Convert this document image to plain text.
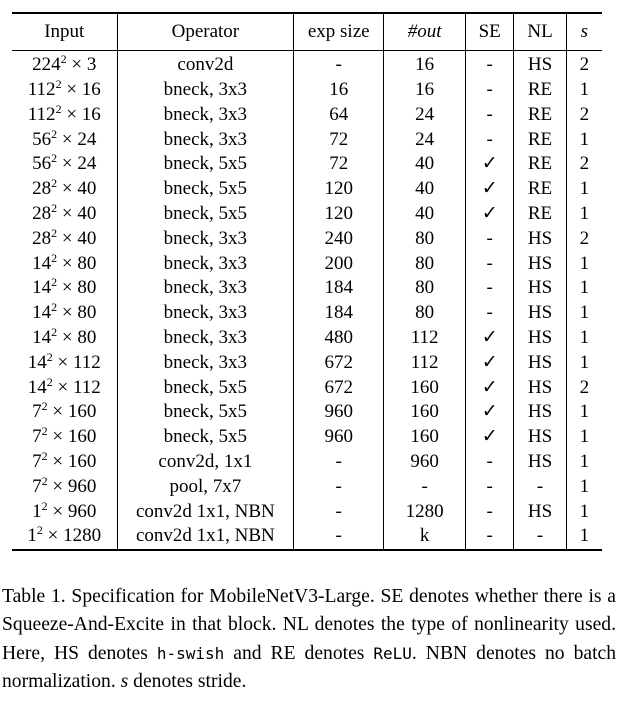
Input	Operator	exp size	#out	SE	NL	s
$224^2 \times 3$	conv2d	-	16	-	HS	2
$112^2 \times 16$	bneck, 3x3	16	16	-	RE	1
$112^2 \times 16$	bneck, 3x3	64	24	-	RE	2
$56^2 \times 24$	bneck, 3x3	72	24	-	RE	1
$56^2 \times 24$	bneck, 5x5	72	40	✓	RE	2
$28^2 \times 40$	bneck, 5x5	120	40	✓	RE	1
$28^2 \times 40$	bneck, 5x5	120	40	✓	RE	1
$28^2 \times 40$	bneck, 3x3	240	80	-	HS	2
$14^2 \times 80$	bneck, 3x3	200	80	-	HS	1
$14^2 \times 80$	bneck, 3x3	184	80	-	HS	1
$14^2 \times 80$	bneck, 3x3	184	80	-	HS	1
$14^2 \times 80$	bneck, 3x3	480	112	✓	HS	1
$14^2 \times 112$	bneck, 3x3	672	112	✓	HS	1
$14^2 \times 112$	bneck, 5x5	672	160	✓	HS	2
$7^2 \times 160$	bneck, 5x5	960	160	✓	HS	1
$7^2 \times 160$	bneck, 5x5	960	160	✓	HS	1
$7^2 \times 160$	conv2d, 1x1	-	960	-	HS	1
$7^2 \times 960$	pool, 7x7	-	-	-	-	1
$1^2 \times 960$	conv2d 1x1, NBN	-	1280	-	HS	1
$1^2 \times 1280$	conv2d 1x1, NBN	-	k	-	-	1

Table 1. Specification for MobileNetV3-Large. SE denotes whether there is a Squeeze-And-Excite in that block. NL denotes the type of nonlinearity used. Here, HS denotes h-swish and RE denotes ReLU. NBN denotes no batch normalization. s denotes stride.
